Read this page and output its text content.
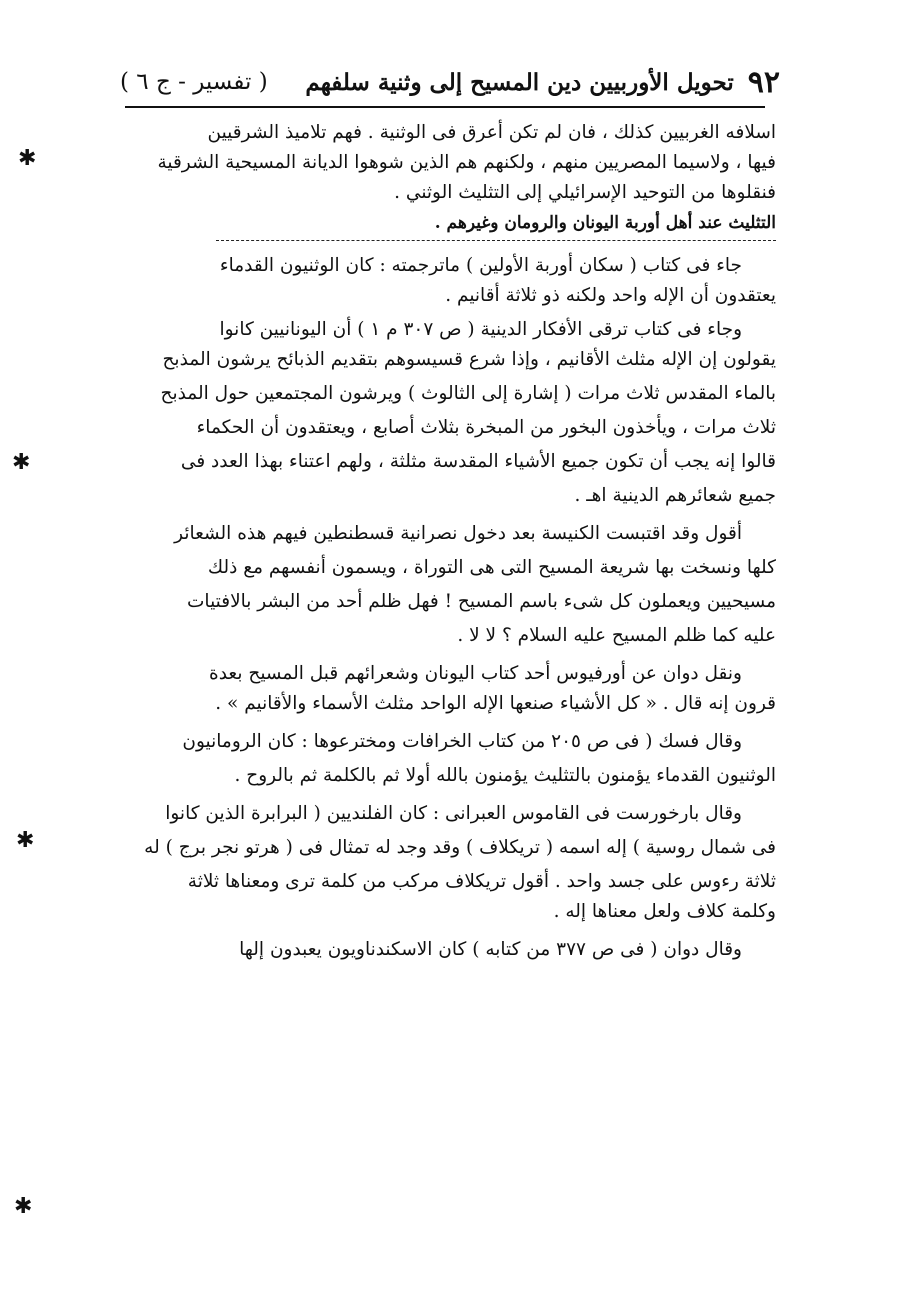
٩٢
تحويل الأوربيين دين المسيح إلى وثنية سلفهم
( تفسير - ج ٦ )
اسلافه الغربيين كذلك ، فان لم تكن أعرق فى الوثنية . فهم تلاميذ الشرقيين
فيها ، ولاسيما المصريين منهم ، ولكنهم هم الذين شوهوا الديانة المسيحية الشرقية
فنقلوها من التوحيد الإسرائيلي إلى التثليث الوثني .
التثليث عند أهل أوربة اليونان والرومان وغيرهم .
جاء فى كتاب ( سكان أوربة الأولين ) ماترجمته : كان الوثنيون القدماء
يعتقدون أن الإله واحد ولكنه ذو ثلاثة أقانيم .
وجاء فى كتاب ترقى الأفكار الدينية ( ص ٣٠٧ م ١ ) أن اليونانيين كانوا
يقولون إن الإله مثلث الأقانيم ، وإذا شرع قسيسوهم بتقديم الذبائح يرشون المذبح
بالماء المقدس ثلاث مرات ( إشارة إلى الثالوث ) ويرشون المجتمعين حول المذبح
ثلاث مرات ، ويأخذون البخور من المبخرة بثلاث أصابع ، ويعتقدون أن الحكماء
قالوا إنه يجب أن تكون جميع الأشياء المقدسة مثلثة ، ولهم اعتناء بهذا العدد فى
جميع شعائرهم الدينية اهـ .
أقول وقد اقتبست الكنيسة بعد دخول نصرانية قسطنطين فيهم هذه الشعائر
كلها ونسخت بها شريعة المسيح التى هى التوراة ، ويسمون أنفسهم مع ذلك
مسيحيين ويعملون كل شىء باسم المسيح ! فهل ظلم أحد من البشر بالافتيات
عليه كما ظلم المسيح عليه السلام ؟ لا لا .
ونقل دوان عن أورفيوس أحد كتاب اليونان وشعرائهم قبل المسيح بعدة
قرون إنه قال . « كل الأشياء صنعها الإله الواحد مثلث الأسماء والأقانيم » .
وقال فسك ( فى ص ٢٠٥ من كتاب الخرافات ومخترعوها : كان الرومانيون
الوثنيون القدماء يؤمنون بالتثليث يؤمنون بالله أولا ثم بالكلمة ثم بالروح .
وقال بارخورست فى القاموس العبرانى : كان الفلنديين ( البرابرة الذين كانوا
فى شمال روسية ) إله اسمه ( تريكلاف ) وقد وجد له تمثال فى ( هرتو نجر برج ) له
ثلاثة رءوس على جسد واحد . أقول تريكلاف مركب من كلمة ترى ومعناها ثلاثة
وكلمة كلاف ولعل معناها إله .
وقال دوان ( فى ص ٣٧٧ من كتابه ) كان الاسكندناويون يعبدون إلها
✱
✱
✱
✱
